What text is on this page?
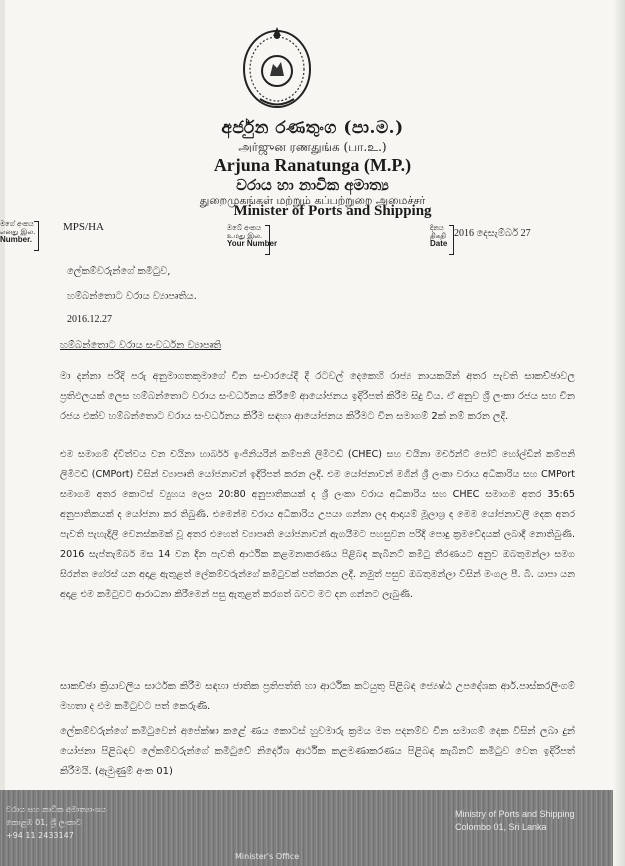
අර්ජුන රණතුංග (පා.ම.)
அர்ஜுன ரணதுங்க (பா.உ.)
Arjuna Ranatunga (M.P.)
වරාය හා නාවික අමාත්‍ය
துறைமுகங்கள் மற்றும் கப்பற்றுறை அமைச்சர்
Minister of Ports and Shipping
මගේ අංකය
எனது இல.
Number.
MPS/HA	ඔබේ අංකය
உமது இல.
Your Number
දිනය
திகதி
Date
2016 දෙසැම්බර් 27
ලේකම්වරුන්ගේ කමිටුව,
හම්බන්තොට වරාය ව්‍යාපෘතිය.
2016.12.27
හම්බන්තොට වරාය සංවර්ධන ව්‍යාපෘති
මා දන්නා පරිදි පරු අනුමාගතකුමාගේ චීන සංචාරයේදී දී රටවල් දෙකෙහි රාජ්‍ය නායකයින් අතර පැවති සාකච්ඡාවල ප්‍රතිඵලයක් ලෙස හම්බන්තොට වරාය සංවර්ධනය කිරීමේ ආයෝජනය ඉදිරිපත් කිරීම සිදු විය. ඒ අනුව ශ්‍රී ලංකා රජය සහ චීන රජය එක්ව හම්බන්තොට වරාය සංවර්ධනය කිරීම සඳහා ආයෝජනය කිරීමට චීන සමාගම් 2ක් නම් කරන ලදී.
එම සමාගම් ද්විත්වය වන චයිනා හාර්බර් ඉංජිනියරින් කම්පනි ලිමිටඩ් (CHEC) සහ චයිනා මර්චන්ට් පෝට් හෝල්ඩින් කම්පනි ලිමිටඩ් (CMPort) විසින් ව්‍යාපෘති යෝජනාවන් ඉදිරිපත් කරන ලදී. එම යෝජනාවන් මගින් ශ්‍රී ලංකා වරාය අධිකාරිය සහ CMPort සමාගම අතර කොටස් ව්‍යුහය ලෙස 20:80 අනුපාතිකයක් ද ශ්‍රී ලංකා වරාය අධිකාරිය සහ CHEC සමාගම අතර 35:65 අනුපාතිකයක් ද යෝජනා කර තිබුණි. එමෙන්ම වරාය අධිකාරිය උපයා ගන්නා ලද ආදායම් මූලාශ්‍ර ද මෙම යෝජනාවලි දෙක අතර පැවති පැහැදිලි වෙනස්කමක් වූ අතර එහෙත් ව්‍යාපෘති යෝජනාවන් ඇගයීමට පහසුවන පරිදි පොදු ක්‍රමවේදයක් ලබාදී නොතිබුණි. 2016 සැප්තැම්බර් මස 14 වන දින පැවති ආර්ථික කළමනාකරණය පිළිබඳ කැබිනට් කමිටු තීරණයට අනුව ඔබතුමන්ලා සමග සිරන්ත ගේරස් යන අදාළ ඇතුළත් ලේකම්වරුන්ගේ කමිටුවක් පත්කරන ලදී. නමුත් පසුව ඔබතුමන්ලා විසින් මංගල පී. බී. යාපා යන අදාළ එම කමිටුවට ආරාධනා කිරීමෙන් පසු ඇතුළත් කරගත් බවට මට දන ගන්නට ලැබුණි.
සාකච්ඡා ක්‍රියාවලිය සාර්ථක කිරීම සඳහා ජාතික ප්‍රතිපත්ති හා ආර්ථික කටයුතු පිළිබඳ ජ්‍යෙෂ්ඨ උපදේශක ආර්.පාස්කරලිංගම් මහතා ද එම කමිටුවට පත් කෙරුණි.
ලේකම්වරුන්ගේ කමිටුවෙන් අපේක්ෂා කළේ ණය කොටස් හුවමාරු ක්‍රමය මත පදනම්ව චීන සමාගම් දෙක විසින් ලබා දුන් යෝජනා පිළිබඳව ලේකම්වරුන්ගේ කමිටුවේ නිර්දේශ ආර්ථික කළමණාකරණය පිළිබඳ කැබිනට් කමිටුව වෙත ඉදිරිපත් කිරීමයි. (ඇමුණුම් අංක 01)
වරාය සහ නාවික අමාත්‍යාංශය
කොළඹ 01, ශ්‍රී ලංකාව
+94 11 2433147
Minister's Office
Ministry of Ports and Shipping
Colombo 01, Sri Lanka
